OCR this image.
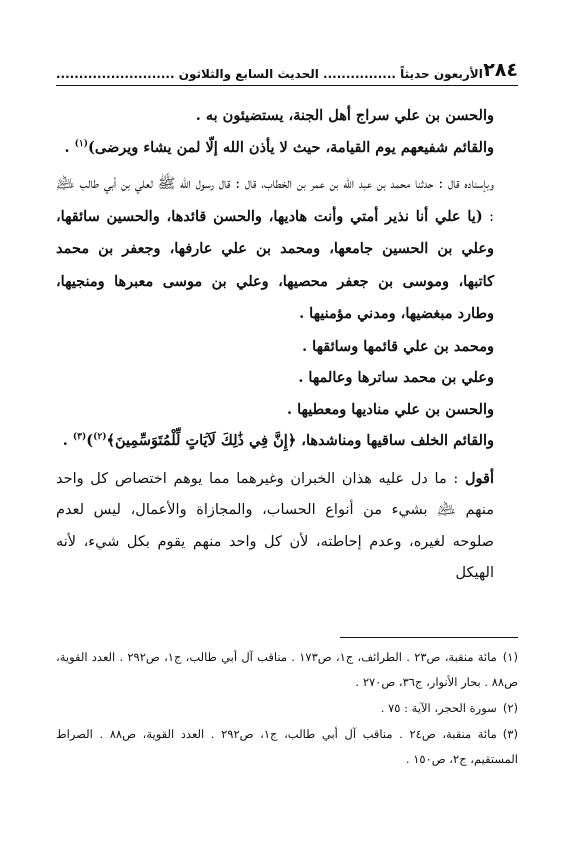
٢٨٤
الأربعون حديثاً ................ الحديث السابع والثلاثون ..........................

والحسن بن علي سراج أهل الجنة، يستضيئون به .

والقائم شفيعهم يوم القيامة، حيث لا يأذن الله إلّا لمن يشاء ويرضى)$^{(١)}$ .

وبإسناده قال : حدثنا محمد بن عبد الله بن عمر بن الخطاب، قال : قال رسول الله ﷺ لعلي بن أبي طالب ﵇ : (يا علي أنا نذير أمتي وأنت هاديها، والحسن قائدها، والحسين سائقها، وعلي بن الحسين جامعها، ومحمد بن علي عارفها، وجعفر بن محمد كاتبها، وموسى بن جعفر محصيها، وعلي بن موسى معبرها ومنجيها، وطارد مبغضيها، ومدني مؤمنيها .

ومحمد بن علي قائمها وسائقها .

وعلي بن محمد ساترها وعالمها .

والحسن بن علي مناديها ومعطيها .

والقائم الخلف ساقيها ومناشدها، ﴿إِنَّ فِي ذَٰلِكَ لَآيَاتٍ لِّلْمُتَوَسِّمِينَ﴾$^{(٢)}$)$^{(٣)}$ .

أقول : ما دل عليه هذان الخبران وغيرهما مما يوهم اختصاص كل واحد منهم ﵇ بشيء من أنواع الحساب، والمجازاة والأعمال، ليس لعدم صلوحه لغيره، وعدم إحاطته، لأن كل واحد منهم يقوم بكل شيء، لأنه الهيكل

(١)مائة منقبة، ص٢٣ . الطرائف، ج١، ص١٧٣ . مناقب آل أبي طالب، ج١، ص٢٩٢ . العدد القوية، ص٨٨ . بحار الأنوار، ج٣٦، ص٢٧٠ .

(٢)سورة الحجر، الآية : ٧٥ .

(٣)مائة منقبة، ص٢٤ . مناقب آل أبي طالب، ج١، ص٢٩٢ . العدد القوية، ص٨٨ . الصراط المستقيم، ج٢، ص١٥٠ .
